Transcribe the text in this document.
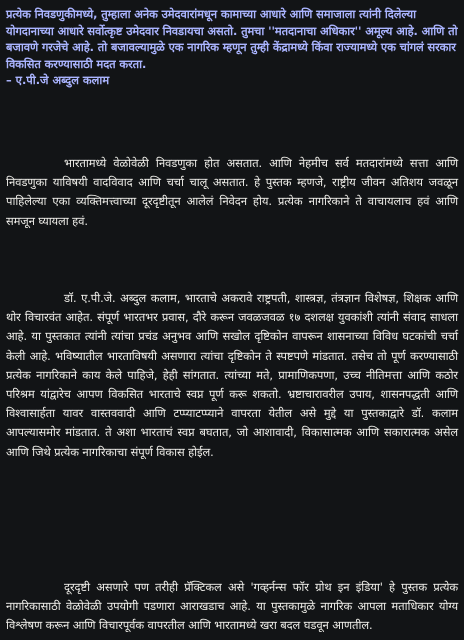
प्रत्येक निवडणुकीमध्ये, तुम्हाला अनेक उमेदवारांमधून कामाच्या आधारे आणि समाजाला त्यांनी दिलेल्या योगदानाच्या आधारे सर्वोत्कृष्ट उमेदवार निवडायचा असतो. तुमचा ''मतदानाचा अधिकार'' अमूल्य आहे. आणि तो बजावणे गरजेचे आहे. तो बजावल्यामुळे एक नागरिक म्हणून तुम्ही केंद्रामध्ये किंवा राज्यामध्ये एक चांगलं सरकार विकसित करण्यासाठी मदत करता.

– ए.पी.जे अब्दुल कलाम

भारतामध्ये वेळोवेळी निवडणुका होत असतात. आणि नेहमीच सर्व मतदारांमध्ये सत्ता आणि निवडणुका याविषयी वादविवाद आणि चर्चा चालू असतात. हे पुस्तक म्हणजे, राष्ट्रीय जीवन अतिशय जवळून पाहिलेल्या एका व्यक्तिमत्त्वाच्या दूरदृष्टीतून आलेलं निवेदन होय. प्रत्येक नागरिकाने ते वाचायलाच हवं आणि समजून घ्यायला हवं.

डॉ. ए.पी.जे. अब्दुल कलाम, भारताचे अकरावे राष्ट्रपती, शास्त्रज्ञ, तंत्रज्ञान विशेषज्ञ, शिक्षक आणि थोर विचारवंत आहेत. संपूर्ण भारतभर प्रवास, दौरे करून जवळजवळ १७ दशलक्ष युवकांशी त्यांनी संवाद साधला आहे. या पुस्तकात त्यांनी त्यांचा प्रचंड अनुभव आणि सखोल दृष्टिकोन वापरून शासनाच्या विविध घटकांची चर्चा केली आहे. भविष्यातील भारताविषयी असणारा त्यांचा दृष्टिकोन ते स्पष्टपणे मांडतात. तसेच तो पूर्ण करण्यासाठी प्रत्येक नागरिकाने काय केले पाहिजे, हेही सांगतात. त्यांच्या मते, प्रामाणिकपणा, उच्च नीतिमत्ता आणि कठोर परिश्रम यांद्वारेच आपण विकसित भारताचे स्वप्न पूर्ण करू शकतो. भ्रष्टाचारावरील उपाय, शासनपद्धती आणि विश्वासार्हता यावर वास्तववादी आणि टप्प्याटप्प्याने वापरता येतील असे मुद्दे या पुस्तकाद्वारे डॉ. कलाम आपल्यासमोर मांडतात. ते अशा भारताचं स्वप्न बघतात, जो आशावादी, विकासात्मक आणि सकारात्मक असेल आणि जिथे प्रत्येक नागरिकाचा संपूर्ण विकास होईल.

दूरदृष्टी असणारे पण तरीही प्रॅक्टिकल असे 'गव्हर्नन्स फॉर ग्रोथ इन इंडिया' हे पुस्तक प्रत्येक नागरिकासाठी वेळोवेळी उपयोगी पडणारा आराखडाच आहे. या पुस्तकामुळे नागरिक आपला मताधिकार योग्य विश्लेषण करून आणि विचारपूर्वक वापरतील आणि भारतामध्ये खरा बदल घडवून आणतील.
